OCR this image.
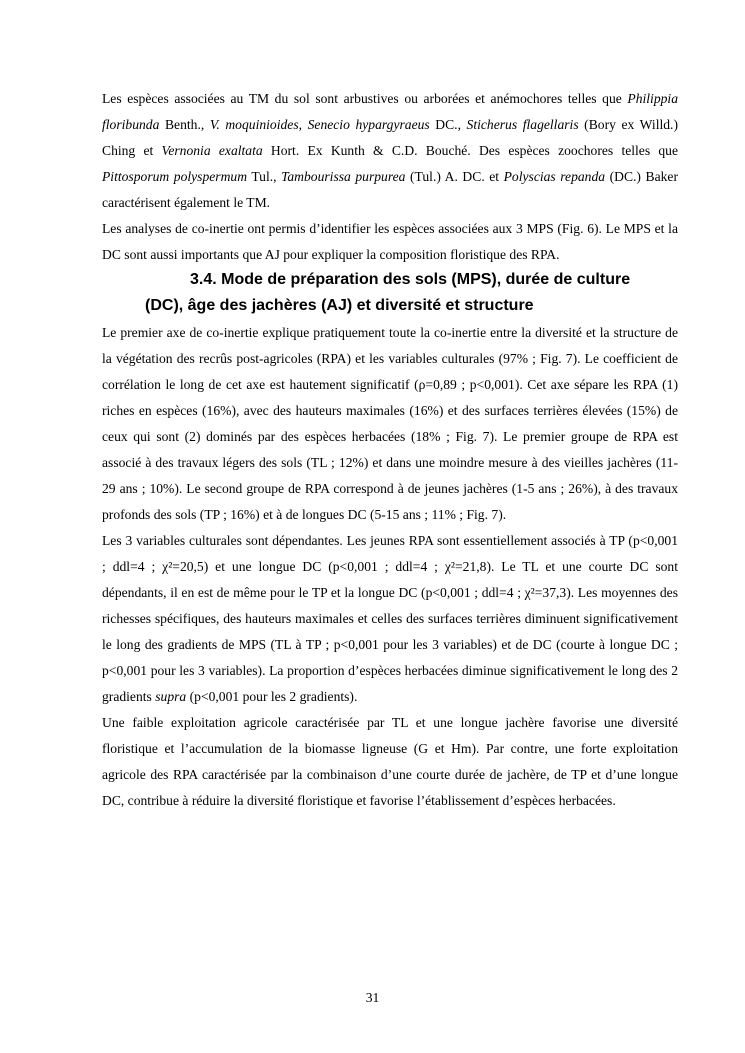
Les espèces associées au TM du sol sont arbustives ou arborées et anémochores telles que Philippia floribunda Benth., V. moquinioides, Senecio hypargyraeus DC., Sticherus flagellaris (Bory ex Willd.) Ching et Vernonia exaltata Hort. Ex Kunth & C.D. Bouché. Des espèces zoochores telles que Pittosporum polyspermum Tul., Tambourissa purpurea (Tul.) A. DC. et Polyscias repanda (DC.) Baker caractérisent également le TM.

Les analyses de co-inertie ont permis d’identifier les espèces associées aux 3 MPS (Fig. 6). Le MPS et la DC sont aussi importants que AJ pour expliquer la composition floristique des RPA.

3.4. Mode de préparation des sols (MPS), durée de culture
(DC), âge des jachères (AJ) et diversité et structure

Le premier axe de co-inertie explique pratiquement toute la co-inertie entre la diversité et la structure de la végétation des recrûs post-agricoles (RPA) et les variables culturales (97% ; Fig. 7). Le coefficient de corrélation le long de cet axe est hautement significatif (ρ=0,89 ; p<0,001). Cet axe sépare les RPA (1) riches en espèces (16%), avec des hauteurs maximales (16%) et des surfaces terrières élevées (15%) de ceux qui sont (2) dominés par des espèces herbacées (18% ; Fig. 7). Le premier groupe de RPA est associé à des travaux légers des sols (TL ; 12%) et dans une moindre mesure à des vieilles jachères (11-29 ans ; 10%). Le second groupe de RPA correspond à de jeunes jachères (1-5 ans ; 26%), à des travaux profonds des sols (TP ; 16%) et à de longues DC (5-15 ans ; 11% ; Fig. 7).

Les 3 variables culturales sont dépendantes. Les jeunes RPA sont essentiellement associés à TP (p<0,001 ; ddl=4 ; χ²=20,5) et une longue DC (p<0,001 ; ddl=4 ; χ²=21,8). Le TL et une courte DC sont dépendants, il en est de même pour le TP et la longue DC (p<0,001 ; ddl=4 ; χ²=37,3). Les moyennes des richesses spécifiques, des hauteurs maximales et celles des surfaces terrières diminuent significativement le long des gradients de MPS (TL à TP ; p<0,001 pour les 3 variables) et de DC (courte à longue DC ; p<0,001 pour les 3 variables). La proportion d’espèces herbacées diminue significativement le long des 2 gradients supra (p<0,001 pour les 2 gradients).

Une faible exploitation agricole caractérisée par TL et une longue jachère favorise une diversité floristique et l’accumulation de la biomasse ligneuse (G et Hm). Par contre, une forte exploitation agricole des RPA caractérisée par la combinaison d’une courte durée de jachère, de TP et d’une longue DC, contribue à réduire la diversité floristique et favorise l’établissement d’espèces herbacées.

31
